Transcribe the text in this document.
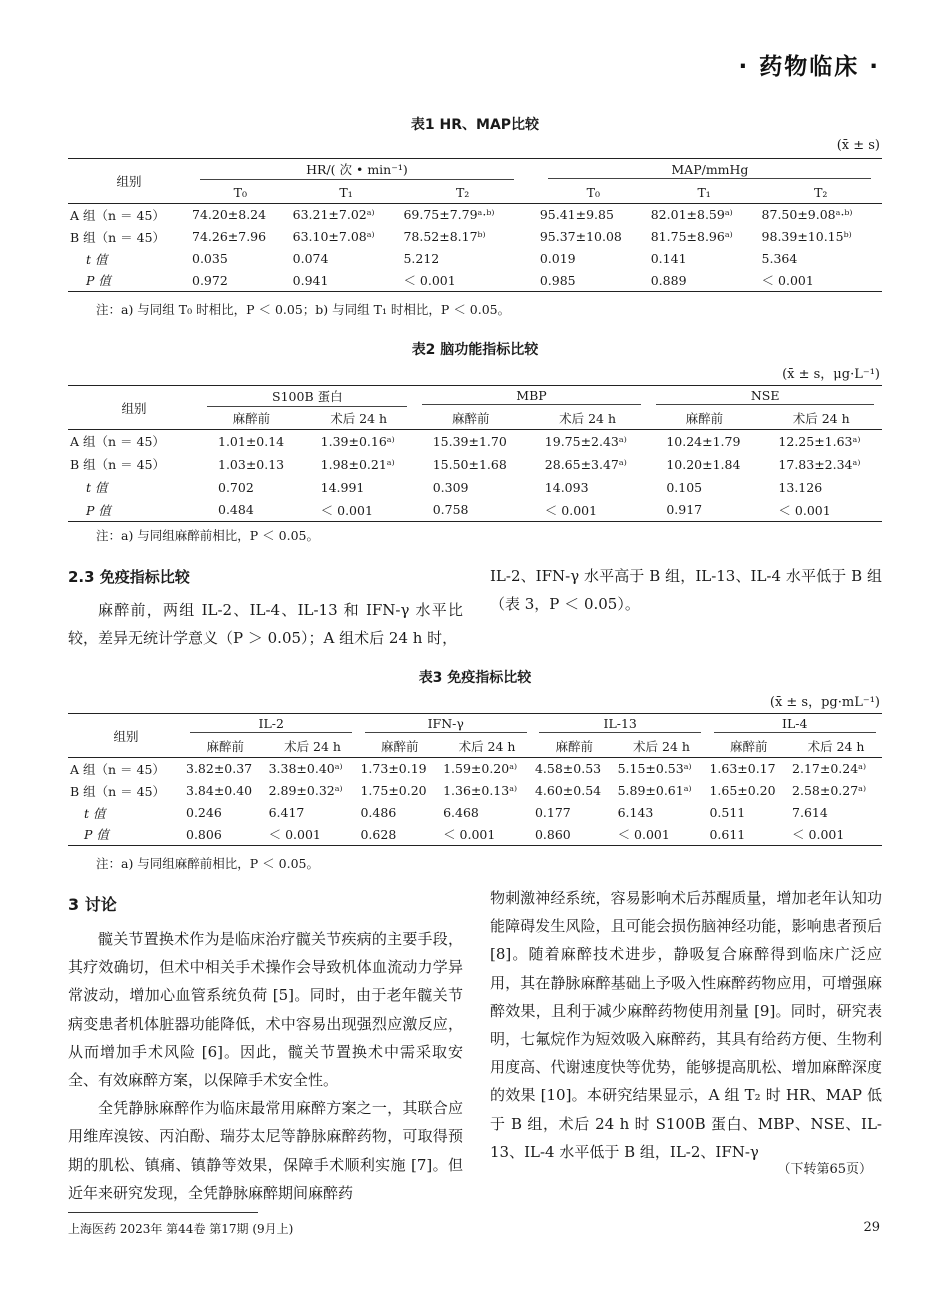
· 药物临床 ·
表1 HR、MAP比较
(x̄ ± s)
组别	HR/( 次 • min⁻¹)				MAP/mmHg		
	T₀	T₁	T₂		T₀	T₁	T₂
A 组（n ＝ 45）	74.20±8.24	63.21±7.02ᵃ⁾	69.75±7.79ᵃ·ᵇ⁾		95.41±9.85	82.01±8.59ᵃ⁾	87.50±9.08ᵃ·ᵇ⁾
B 组（n ＝ 45）	74.26±7.96	63.10±7.08ᵃ⁾	78.52±8.17ᵇ⁾		95.37±10.08	81.75±8.96ᵃ⁾	98.39±10.15ᵇ⁾
t 值	0.035	0.074	5.212		0.019	0.141	5.364
P 值	0.972	0.941	＜ 0.001		0.985	0.889	＜ 0.001
注：a) 与同组 T₀ 时相比，P ＜ 0.05；b) 与同组 T₁ 时相比，P ＜ 0.05。
表2 脑功能指标比较
(x̄ ± s，μg·L⁻¹)
组别	S100B 蛋白		MBP		NSE	
	麻醉前	术后 24 h	麻醉前	术后 24 h	麻醉前	术后 24 h
A 组（n ＝ 45）	1.01±0.14	1.39±0.16ᵃ⁾	15.39±1.70	19.75±2.43ᵃ⁾	10.24±1.79	12.25±1.63ᵃ⁾
B 组（n ＝ 45）	1.03±0.13	1.98±0.21ᵃ⁾	15.50±1.68	28.65±3.47ᵃ⁾	10.20±1.84	17.83±2.34ᵃ⁾
t 值	0.702	14.991	0.309	14.093	0.105	13.126
P 值	0.484	＜ 0.001	0.758	＜ 0.001	0.917	＜ 0.001
注：a) 与同组麻醉前相比，P ＜ 0.05。
2.3 免疫指标比较

麻醉前，两组 IL-2、IL-4、IL-13 和 IFN-γ 水平比较，差异无统计学意义（P ＞ 0.05）；A 组术后 24 h 时，

IL-2、IFN-γ 水平高于 B 组，IL-13、IL-4 水平低于 B 组（表 3，P ＜ 0.05）。

表3 免疫指标比较
(x̄ ± s，pg·mL⁻¹)
组别	IL-2		IFN-γ		IL-13		IL-4	
	麻醉前	术后 24 h	麻醉前	术后 24 h	麻醉前	术后 24 h	麻醉前	术后 24 h
A 组（n ＝ 45）	3.82±0.37	3.38±0.40ᵃ⁾	1.73±0.19	1.59±0.20ᵃ⁾	4.58±0.53	5.15±0.53ᵃ⁾	1.63±0.17	2.17±0.24ᵃ⁾
B 组（n ＝ 45）	3.84±0.40	2.89±0.32ᵃ⁾	1.75±0.20	1.36±0.13ᵃ⁾	4.60±0.54	5.89±0.61ᵃ⁾	1.65±0.20	2.58±0.27ᵃ⁾
t 值	0.246	6.417	0.486	6.468	0.177	6.143	0.511	7.614
P 值	0.806	＜ 0.001	0.628	＜ 0.001	0.860	＜ 0.001	0.611	＜ 0.001
注：a) 与同组麻醉前相比，P ＜ 0.05。
3 讨论

髋关节置换术作为是临床治疗髋关节疾病的主要手段，其疗效确切，但术中相关手术操作会导致机体血流动力学异常波动，增加心血管系统负荷 [5]。同时，由于老年髋关节病变患者机体脏器功能降低，术中容易出现强烈应激反应，从而增加手术风险 [6]。因此，髋关节置换术中需采取安全、有效麻醉方案，以保障手术安全性。

全凭静脉麻醉作为临床最常用麻醉方案之一，其联合应用维库溴铵、丙泊酚、瑞芬太尼等静脉麻醉药物，可取得预期的肌松、镇痛、镇静等效果，保障手术顺利实施 [7]。但近年来研究发现，全凭静脉麻醉期间麻醉药

物刺激神经系统，容易影响术后苏醒质量，增加老年认知功能障碍发生风险，且可能会损伤脑神经功能，影响患者预后 [8]。随着麻醉技术进步，静吸复合麻醉得到临床广泛应用，其在静脉麻醉基础上予吸入性麻醉药物应用，可增强麻醉效果，且利于减少麻醉药物使用剂量 [9]。同时，研究表明，七氟烷作为短效吸入麻醉药，其具有给药方便、生物利用度高、代谢速度快等优势，能够提高肌松、增加麻醉深度的效果 [10]。本研究结果显示，A 组 T₂ 时 HR、MAP 低于 B 组，术后 24 h 时 S100B 蛋白、MBP、NSE、IL-13、IL-4 水平低于 B 组，IL-2、IFN-γ

（下转第65页）
上海医药 2023年 第44卷 第17期 (9月上)	29
